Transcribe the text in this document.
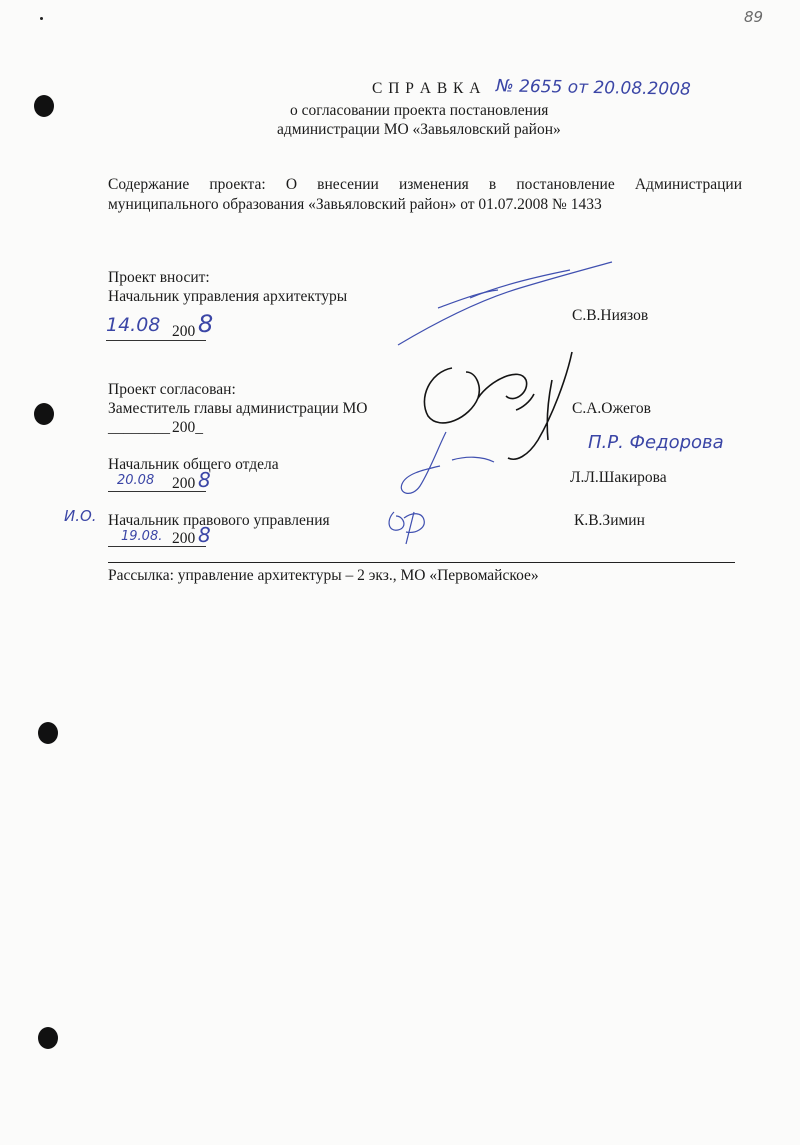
89
С П Р А В К А № 2655 от 20.08.2008
о согласовании проекта постановления
администрации МО «Завьяловский район»
Содержание проекта: О внесении изменения в постановление Администрации
муниципального образования «Завьяловский район» от 01.07.2008 № 1433
Проект вносит:
Начальник управления архитектуры
14.08 200 8	С.В.Ниязов
Проект согласован:
Заместитель главы администрации МО
________ 200_
С.А.Ожегов
Начальник общего отдела
20.08 200 8	Л.Л.Шакирова
П.Р. Федорова
И.О. Начальник правового управления
19.08. 200 8
К.В.Зимин
Рассылка: управление архитектуры – 2 экз., МО «Первомайское»
